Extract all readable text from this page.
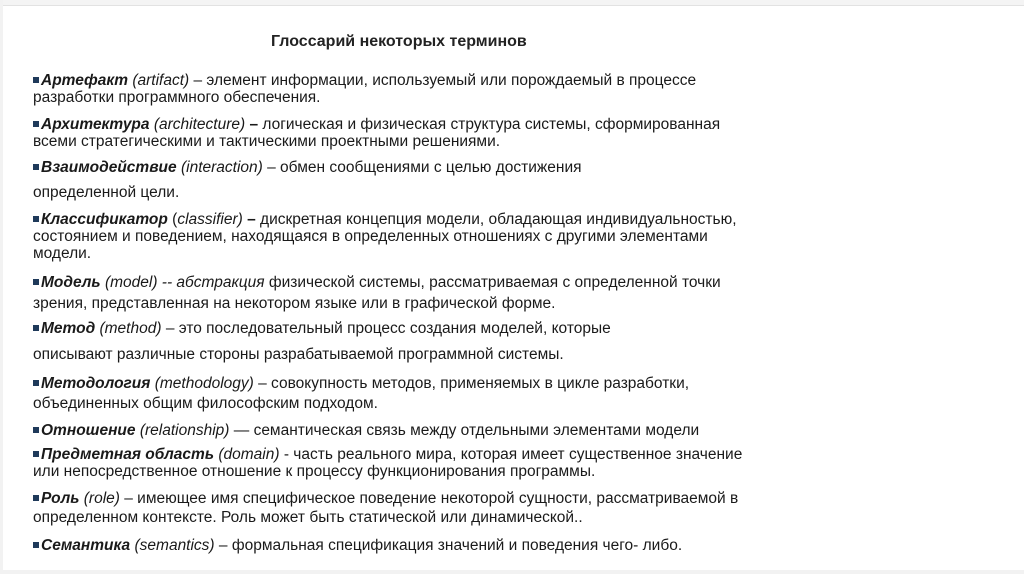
Глоссарий некоторых терминов
Артефакт (artifact) – элемент информации, используемый или порождаемый в процессе
разработки программного обеспечения.
Архитектура (architecture) – логическая и физическая структура системы, сформированная
всеми стратегическими и тактическими проектными решениями.
Взаимодействие (interaction) – обмен сообщениями с целью достижения
определенной цели.
Классификатор (classifier) – дискретная концепция модели, обладающая индивидуальностью,
состоянием и поведением, находящаяся в определенных отношениях с другими элементами
модели.
Модель (model) -- абстракция физической системы, рассматриваемая с определенной точки
зрения, представленная на некотором языке или в графической форме.
Метод (method) – это последовательный процесс создания моделей, которые
описывают различные стороны разрабатываемой программной системы.
Методология (methodology) – совокупность методов, применяемых в цикле разработки,
объединенных общим философским подходом.
Отношение (relationship) — семантическая связь между отдельными элементами модели
Предметная область (domain) - часть реального мира, которая имеет существенное значение
или непосредственное отношение к процессу функционирования программы.
Роль (role) – имеющее имя специфическое поведение некоторой сущности, рассматриваемой в
определенном контексте. Роль может быть статической или динамической..
Семантика (semantics) – формальная спецификация значений и поведения чего- либо.
